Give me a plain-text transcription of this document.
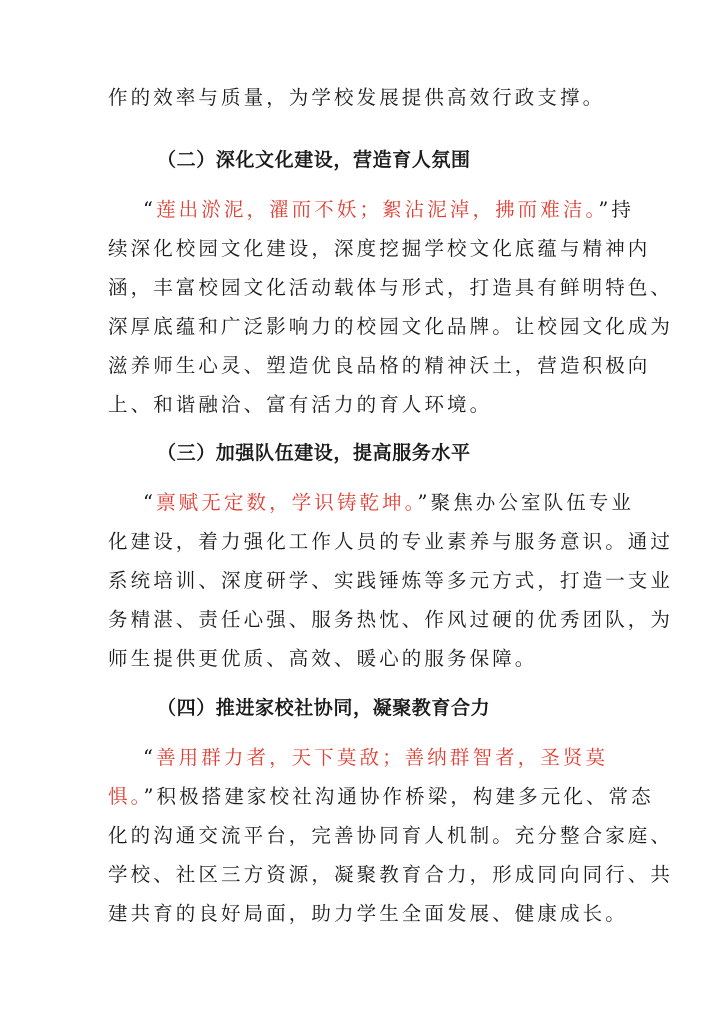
作的效率与质量，为学校发展提供高效行政支撑。
（二）深化文化建设，营造育人氛围
“莲出淤泥，濯而不妖；絮沾泥淖，拂而难洁。”持
续深化校园文化建设，深度挖掘学校文化底蕴与精神内
涵，丰富校园文化活动载体与形式，打造具有鲜明特色、
深厚底蕴和广泛影响力的校园文化品牌。让校园文化成为
滋养师生心灵、塑造优良品格的精神沃土，营造积极向
上、和谐融洽、富有活力的育人环境。
（三）加强队伍建设，提高服务水平
“禀赋无定数，学识铸乾坤。”聚焦办公室队伍专业
化建设，着力强化工作人员的专业素养与服务意识。通过
系统培训、深度研学、实践锤炼等多元方式，打造一支业
务精湛、责任心强、服务热忱、作风过硬的优秀团队，为
师生提供更优质、高效、暖心的服务保障。
（四）推进家校社协同，凝聚教育合力
“善用群力者，天下莫敌；善纳群智者，圣贤莫
惧。”积极搭建家校社沟通协作桥梁，构建多元化、常态
化的沟通交流平台，完善协同育人机制。充分整合家庭、
学校、社区三方资源，凝聚教育合力，形成同向同行、共
建共育的良好局面，助力学生全面发展、健康成长。
